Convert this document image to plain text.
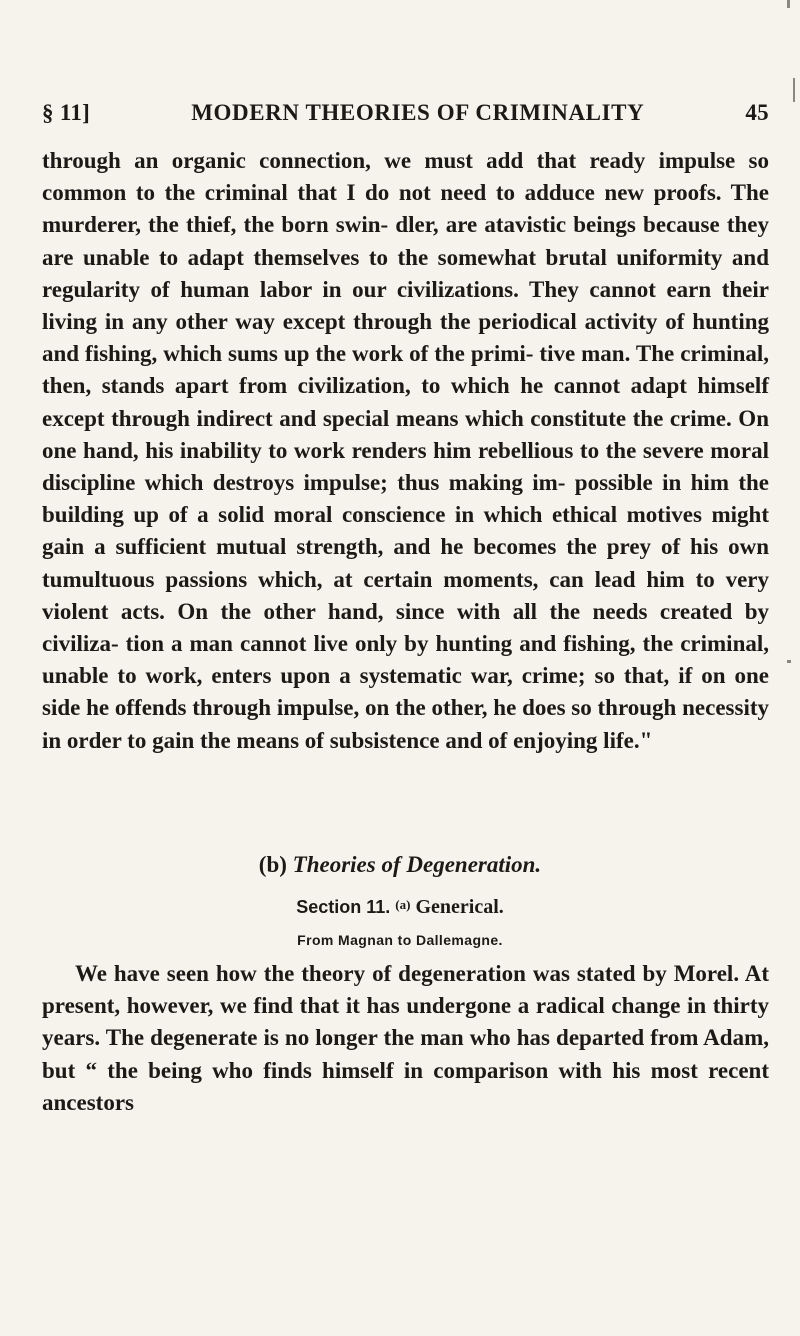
§ 11]	MODERN THEORIES OF CRIMINALITY	45

through an organic connection, we must add that ready impulse so common to the criminal that I do not need to adduce new proofs. The murderer, the thief, the born swin- dler, are atavistic beings because they are unable to adapt themselves to the somewhat brutal uniformity and regularity of human labor in our civilizations. They cannot earn their living in any other way except through the periodical activity of hunting and fishing, which sums up the work of the primi- tive man. The criminal, then, stands apart from civilization, to which he cannot adapt himself except through indirect and special means which constitute the crime. On one hand, his inability to work renders him rebellious to the severe moral discipline which destroys impulse; thus making im- possible in him the building up of a solid moral conscience in which ethical motives might gain a sufficient mutual strength, and he becomes the prey of his own tumultuous passions which, at certain moments, can lead him to very violent acts. On the other hand, since with all the needs created by civiliza- tion a man cannot live only by hunting and fishing, the criminal, unable to work, enters upon a systematic war, crime; so that, if on one side he offends through impulse, on the other, he does so through necessity in order to gain the means of subsistence and of enjoying life."

(b) Theories of Degeneration.
Section 11. $^{(a)}$ Generical.
From Magnan to Dallemagne.

We have seen how the theory of degeneration was stated by Morel. At present, however, we find that it has undergone a radical change in thirty years. The degenerate is no longer the man who has departed from Adam, but “ the being who finds himself in comparison with his most recent ancestors
